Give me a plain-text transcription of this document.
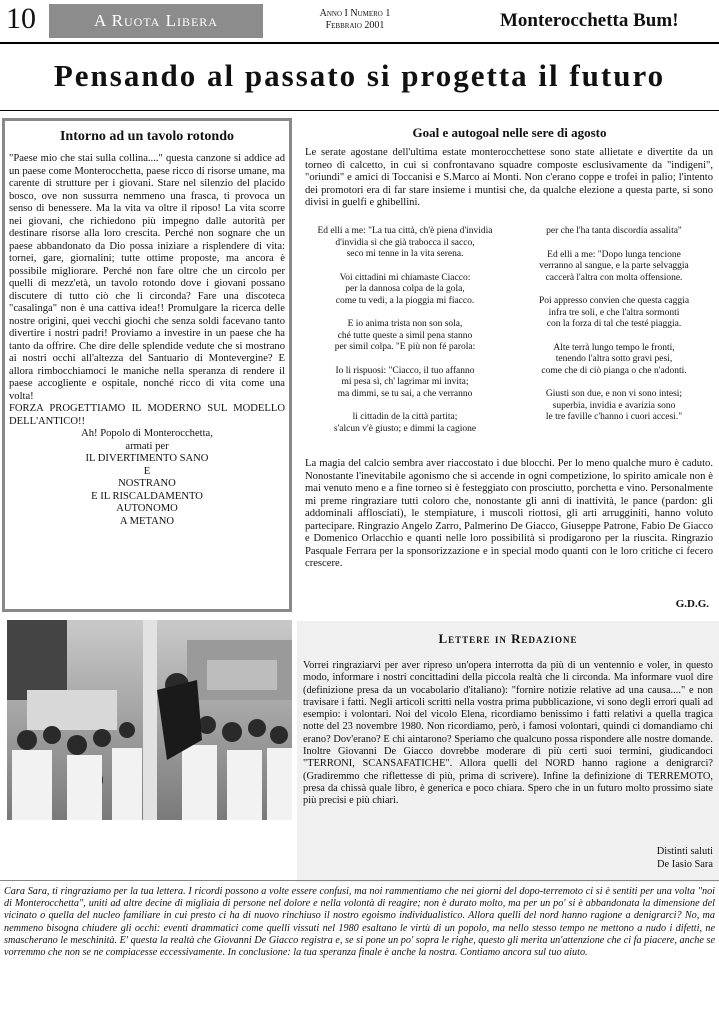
10	A Ruota Libera	Anno I Numero 1
Febbraio 2001	Monterocchetta Bum!
Pensando al passato si progetta il futuro
Intorno ad un tavolo rotondo

"Paese mio che stai sulla collina...." questa canzone si addice ad un paese come Monterocchetta, paese ricco di risorse umane, ma carente di strutture per i giovani. Stare nel silenzio del placido bosco, ove non sussurra nemmeno una frasca, ti provoca un senso di benessere. Ma la vita va oltre il riposo! La vita scorre nei giovani, che richiedono più impegno dalle autorità per destinare risorse alla loro crescita. Perché non sognare che un paese abbandonato da Dio possa iniziare a risplendere di vita: tornei, gare, giornalini; tutte ottime proposte, ma ancora è possibile migliorare. Perché non fare oltre che un circolo per quelli di mezz'età, un tavolo rotondo dove i giovani possano discutere di tutto ciò che li circonda? Fare una discoteca "casalinga" non è una cattiva idea!! Promulgare la ricerca delle nostre origini, quei vecchi giochi che senza soldi facevano tanto divertire i nostri padri! Proviamo a investire in un paese che ha tanto da offrire. Che dire delle splendide vedute che si mostrano ai nostri occhi all'altezza del Santuario di Montevergine? E allora rimbocchiamoci le maniche nella speranza di rendere il paese accogliente e ospitale, nonché ricco di vita come una volta!

FORZA PROGETTIAMO IL MODERNO SUL MODELLO DELL'ANTICO!!

Ah! Popolo di Monterocchetta,
armati per
IL DIVERTIMENTO SANO
E
NOSTRANO
E IL RISCALDAMENTO
AUTONOMO
A METANO
Goal e autogoal nelle sere di agosto
Le serate agostane dell'ultima estate monterocchettese sono state allietate e divertite da un torneo di calcetto, in cui si confrontavano squadre composte esclusivamente da "indigeni", "oriundi" e amici di Toccanisi e S.Marco ai Monti. Non c'erano coppe e trofei in palio; l'intento dei promotori era di far stare insieme i muntisi che, da qualche elezione a questa parte, si sono divisi in guelfi e ghibellini.
Ed elli a me: "La tua città, ch'è piena d'invidia
d'invidia sì che già trabocca il sacco,
seco mi tenne in la vita serena.
Voi cittadini mi chiamaste Ciacco:
per la dannosa colpa de la gola,
come tu vedi, a la pioggia mi fiacco.
E io anima trista non son sola,
ché tutte queste a simil pena stanno
per simil colpa. "E più non fé parola:
Io li rispuosi: "Ciacco, il tuo affanno
mi pesa sì, ch' lagrimar mi invita;
ma dimmi, se tu sai, a che verranno
li cittadin de la città partita;
s'alcun v'è giusto; e dimmi la cagione
per che l'ha tanta discordia assalita"
Ed elli a me: "Dopo lunga tencione
verranno al sangue, e la parte selvaggia
caccerà l'altra con molta offensione.
Poi appresso convien che questa caggia
infra tre soli, e che l'altra sormonti
con la forza di tal che testé piaggia.
Alte terrà lungo tempo le fronti,
tenendo l'altra sotto gravi pesi,
come che di ciò pianga o che n'adonti.
Giusti son due, e non vi sono intesi;
superbia, invidia e avarizia sono
le tre faville c'hanno i cuori accesi."
La magia del calcio sembra aver riaccostato i due blocchi. Per lo meno qualche muro è caduto. Nonostante l'inevitabile agonismo che si accende in ogni competizione, lo spirito amicale non è mai venuto meno e a fine torneo si è festeggiato con prosciutto, porchetta e vino. Personalmente mi preme ringraziare tutti coloro che, nonostante gli anni di inattività, le pance (pardon: gli addominali afflosciati), le stempiature, i muscoli riottosi, gli arti arrugginiti, hanno voluto partecipare. Ringrazio Angelo Zarro, Palmerino De Giacco, Giuseppe Patrone, Fabio De Giacco e Domenico Orlacchio e quanti nelle loro possibilità si prodigarono per la riuscita. Ringrazio Pasquale Ferrara per la sponsorizzazione e in special modo quanti con le loro critiche ci fecero crescere.
G.D.G.
Lettere in Redazione
Vorrei ringraziarvi per aver ripreso un'opera interrotta da più di un ventennio e voler, in questo modo, informare i nostri concittadini della piccola realtà che li circonda. Ma informare vuol dire (definizione presa da un vocabolario d'italiano): "fornire notizie relative ad una causa...." e non travisare i fatti. Negli articoli scritti nella vostra prima pubblicazione, vi sono degli errori quali ad esempio: i volontari. Noi del vicolo Elena, ricordiamo benissimo i fatti relativi a quella tragica notte del 23 novembre 1980. Non ricordiamo, però, i famosi volontari, quindi ci domandiamo chi erano? Dov'erano? E chi aintarono? Speriamo che qualcuno possa rispondere alle nostre domande. Inoltre Giovanni De Giacco dovrebbe moderare di più certi suoi termini, giudicandoci "TERRONI, SCANSAFATICHE". Allora quelli del NORD hanno ragione a denigrarci? (Gradiremmo che riflettesse di più, prima di scrivere). Infine la definizione di TERREMOTO, presa da chissà quale libro, è generica e poco chiara. Spero che in un futuro molto prossimo siate più precisi e più chiari.
Distinti saluti
De Iasio Sara
Cara Sara, ti ringraziamo per la tua lettera. I ricordi possono a volte essere confusi, ma noi rammentiamo che nei giorni del dopo-terremoto ci si è sentiti per una volta "noi di Monterocchetta", uniti ad altre decine di migliaia di persone nel dolore e nella volontà di reagire; non è durato molto, ma per un po' si è abbandonata la dimensione del vicinato o quella del nucleo familiare in cui presto ci ha di nuovo rinchiuso il nostro egoismo individualistico. Allora quelli del nord hanno ragione a denigrarci? No, ma nemmeno bisogna chiudere gli occhi: eventi drammatici come quelli vissuti nel 1980 esaltano le virtù di un popolo, ma nello stesso tempo ne mettono a nudo i difetti, ne smascherano le meschinità. E' questa la realtà che Giovanni De Giacco registra e, se si pone un po' sopra le righe, questo gli merita un'attenzione che ci fa piacere, anche se vorremmo che non se ne compiacesse eccessivamente. In conclusione: la tua speranza finale è anche la nostra. Contiamo ancora sul tuo aiuto.
